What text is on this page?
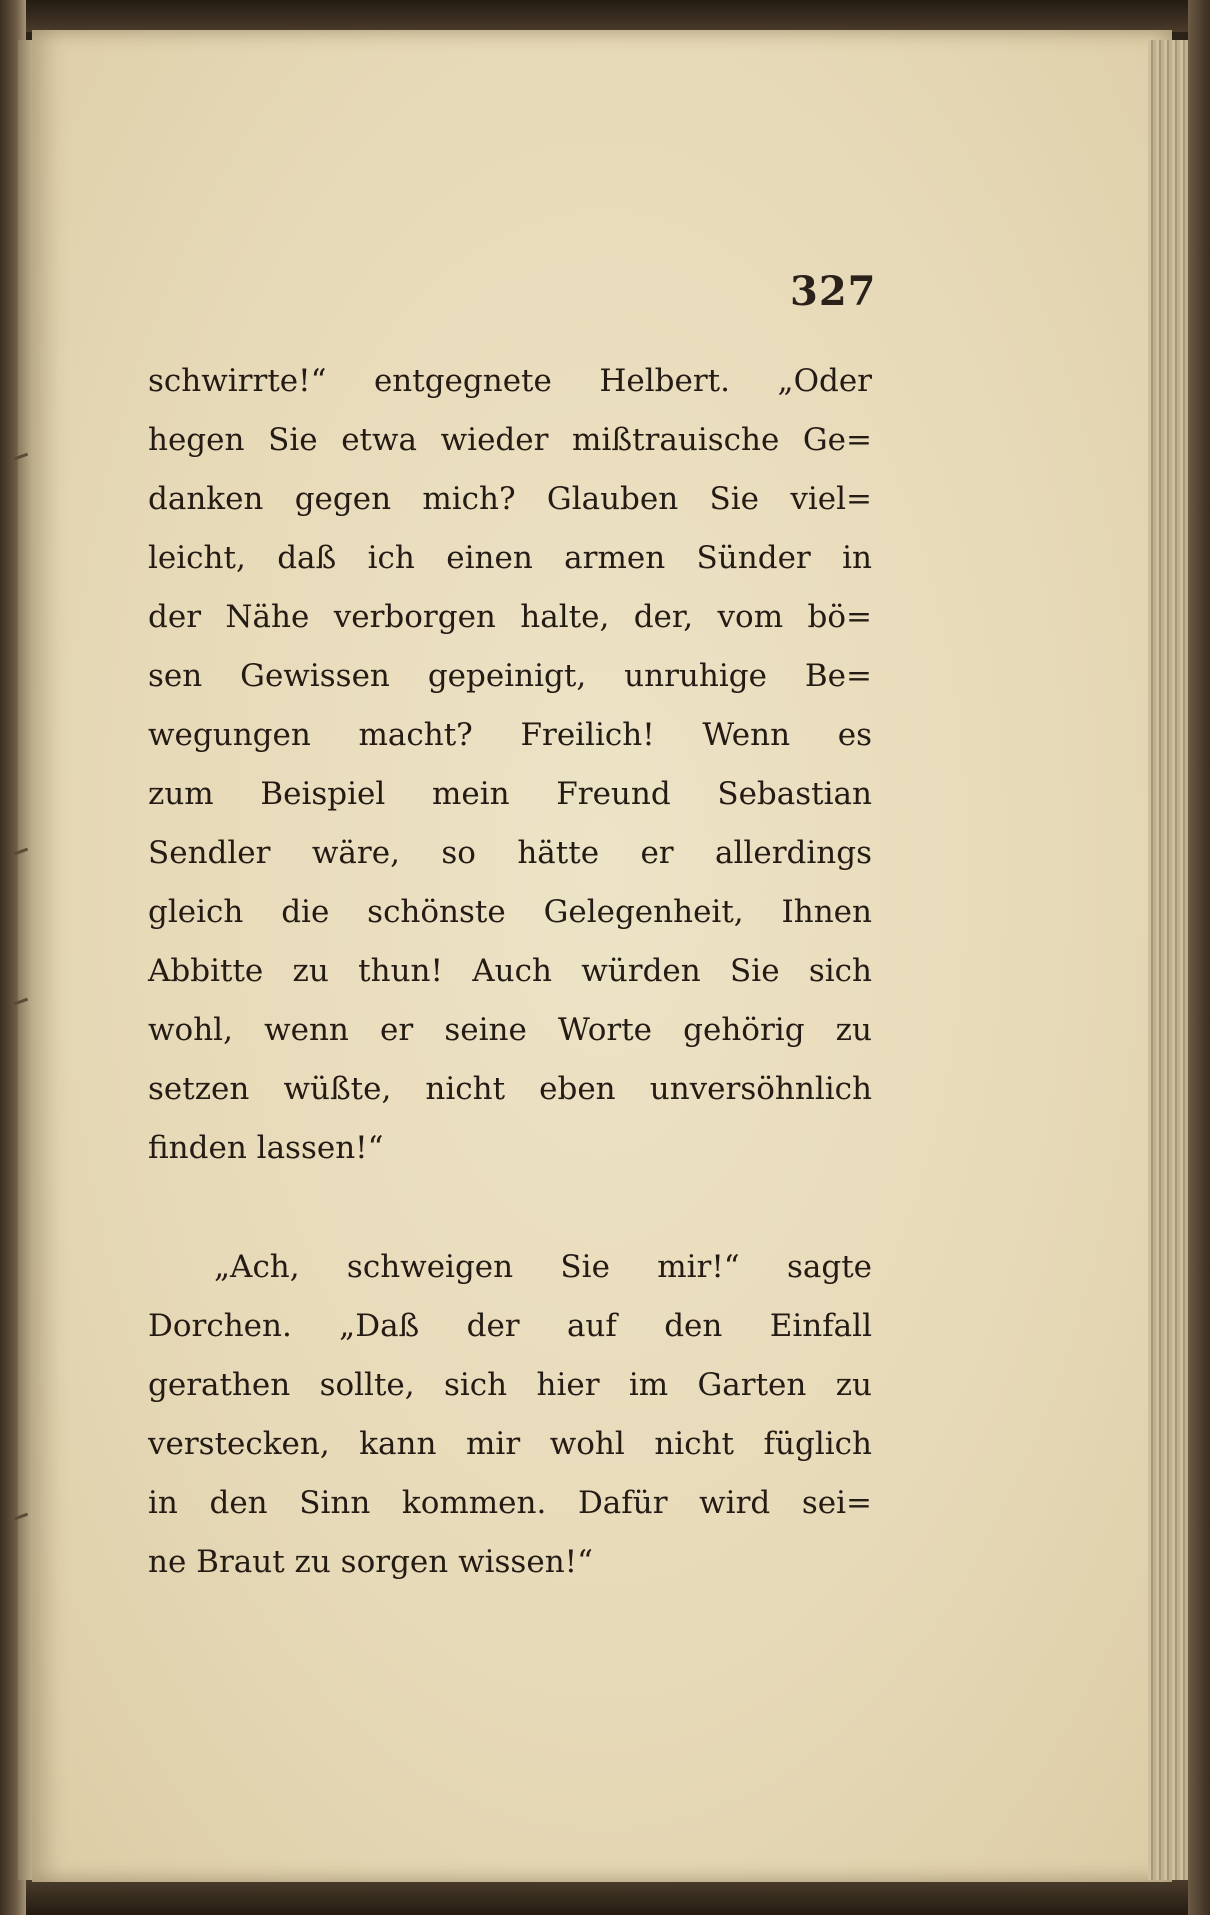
327
schwirrte!“ entgegnete Helbert. „Oder
hegen Sie etwa wieder mißtrauische Ge=
danken gegen mich? Glauben Sie viel=
leicht, daß ich einen armen Sünder in
der Nähe verborgen halte, der, vom bö=
sen Gewissen gepeinigt, unruhige Be=
wegungen macht? Freilich! Wenn es
zum Beispiel mein Freund Sebastian
Sendler wäre, so hätte er allerdings
gleich die schönste Gelegenheit, Ihnen
Abbitte zu thun! Auch würden Sie sich
wohl, wenn er seine Worte gehörig zu
setzen wüßte, nicht eben unversöhnlich
finden lassen!“
„Ach, schweigen Sie mir!“ sagte
Dorchen. „Daß der auf den Einfall
gerathen sollte, sich hier im Garten zu
verstecken, kann mir wohl nicht füglich
in den Sinn kommen. Dafür wird sei=
ne Braut zu sorgen wissen!“
